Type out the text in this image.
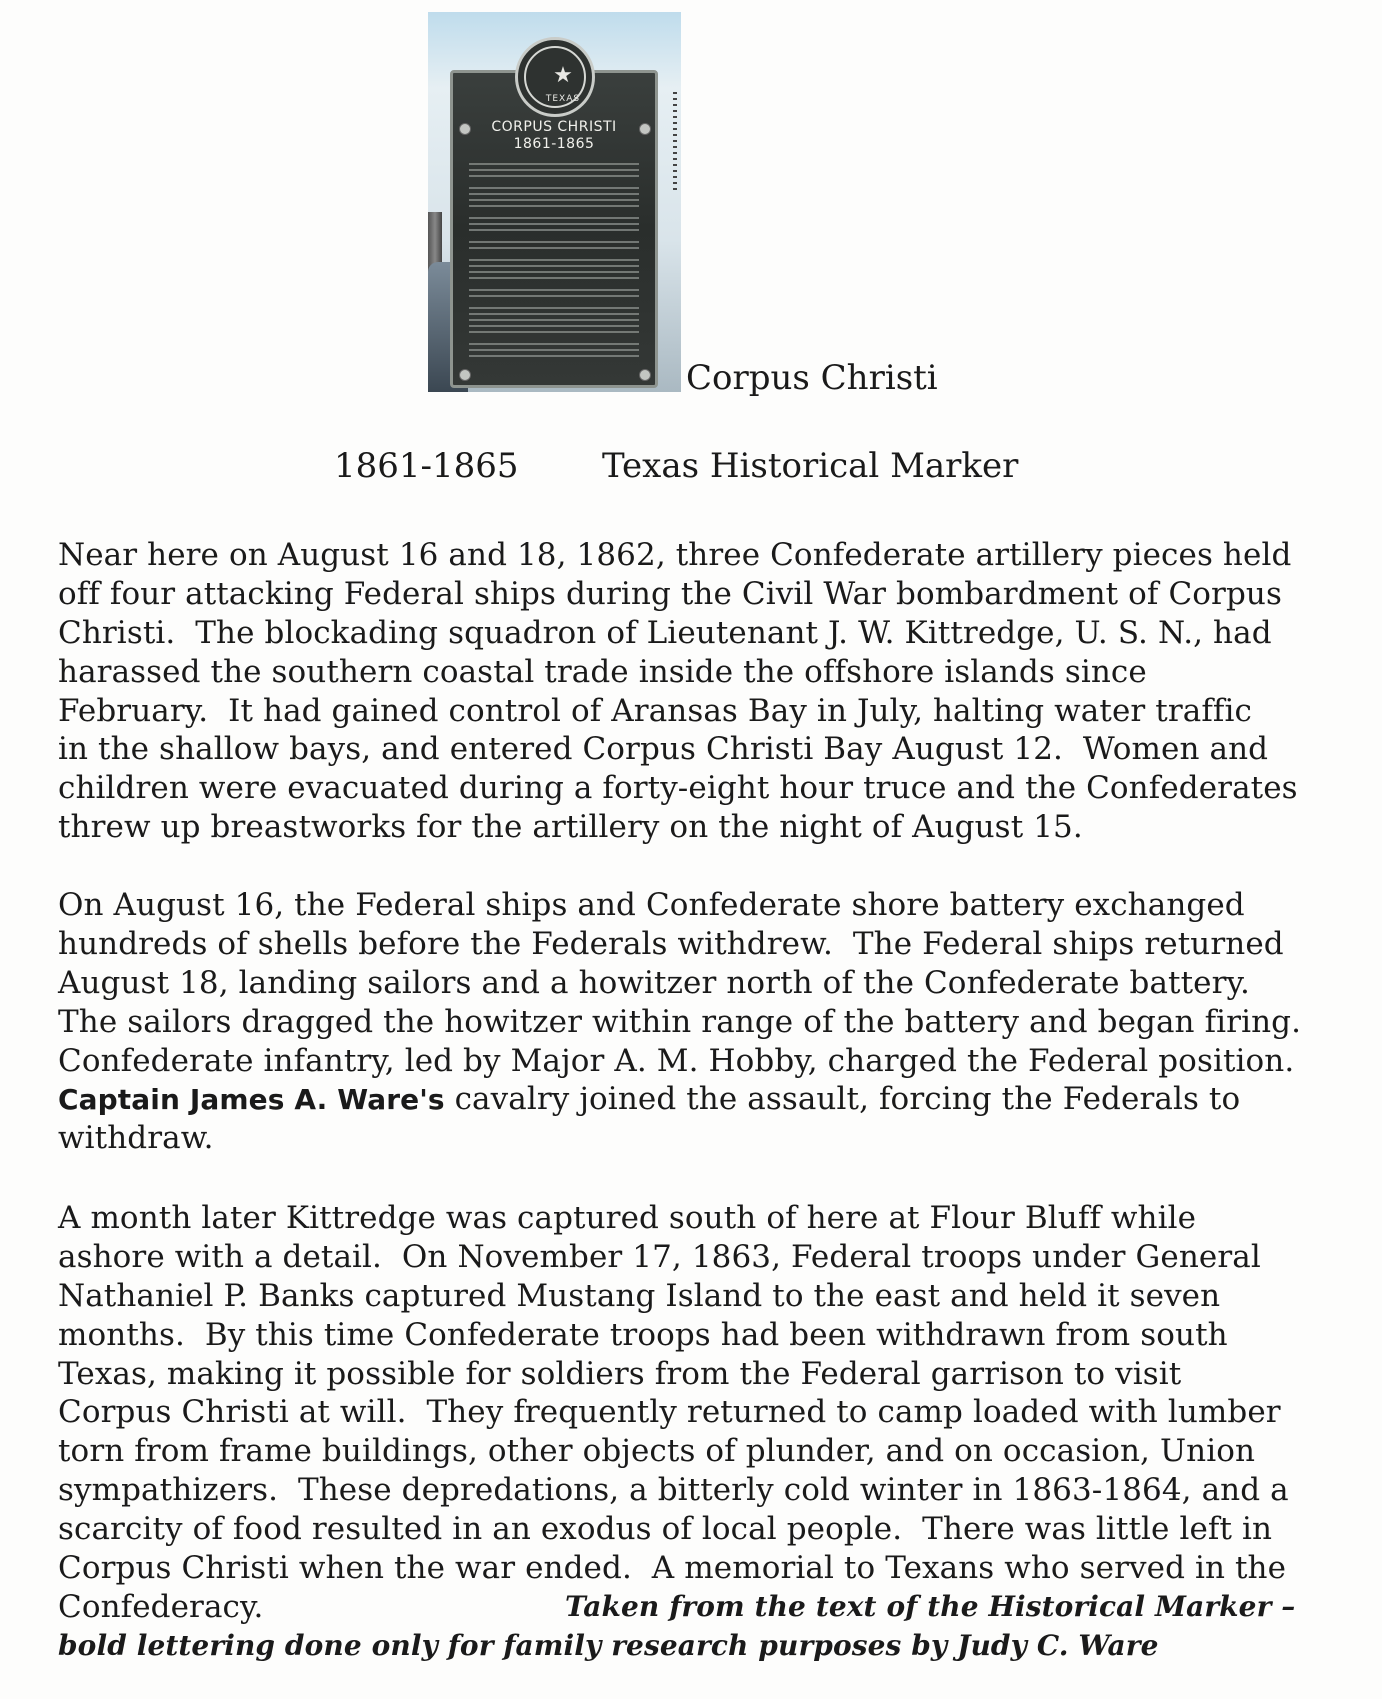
★
TEXAS
CORPUS CHRISTI
1861-1865
Corpus Christi
1861-1865 Texas Historical Marker
Near here on August 16 and 18, 1862, three Confederate artillery pieces held
off four attacking Federal ships during the Civil War bombardment of Corpus
Christi.  The blockading squadron of Lieutenant J. W. Kittredge, U. S. N., had
harassed the southern coastal trade inside the offshore islands since
February.  It had gained control of Aransas Bay in July, halting water traffic
in the shallow bays, and entered Corpus Christi Bay August 12.  Women and
children were evacuated during a forty-eight hour truce and the Confederates
threw up breastworks for the artillery on the night of August 15.
On August 16, the Federal ships and Confederate shore battery exchanged
hundreds of shells before the Federals withdrew.  The Federal ships returned
August 18, landing sailors and a howitzer north of the Confederate battery.
The sailors dragged the howitzer within range of the battery and began firing.
Confederate infantry, led by Major A. M. Hobby, charged the Federal position.
Captain James A. Ware's cavalry joined the assault, forcing the Federals to
withdraw.
A month later Kittredge was captured south of here at Flour Bluff while
ashore with a detail.  On November 17, 1863, Federal troops under General
Nathaniel P. Banks captured Mustang Island to the east and held it seven
months.  By this time Confederate troops had been withdrawn from south
Texas, making it possible for soldiers from the Federal garrison to visit
Corpus Christi at will.  They frequently returned to camp loaded with lumber
torn from frame buildings, other objects of plunder, and on occasion, Union
sympathizers.  These depredations, a bitterly cold winter in 1863-1864, and a
scarcity of food resulted in an exodus of local people.  There was little left in
Corpus Christi when the war ended.  A memorial to Texans who served in the
Confederacy.	Taken from the text of the Historical Marker –
bold lettering done only for family research purposes by Judy C. Ware
